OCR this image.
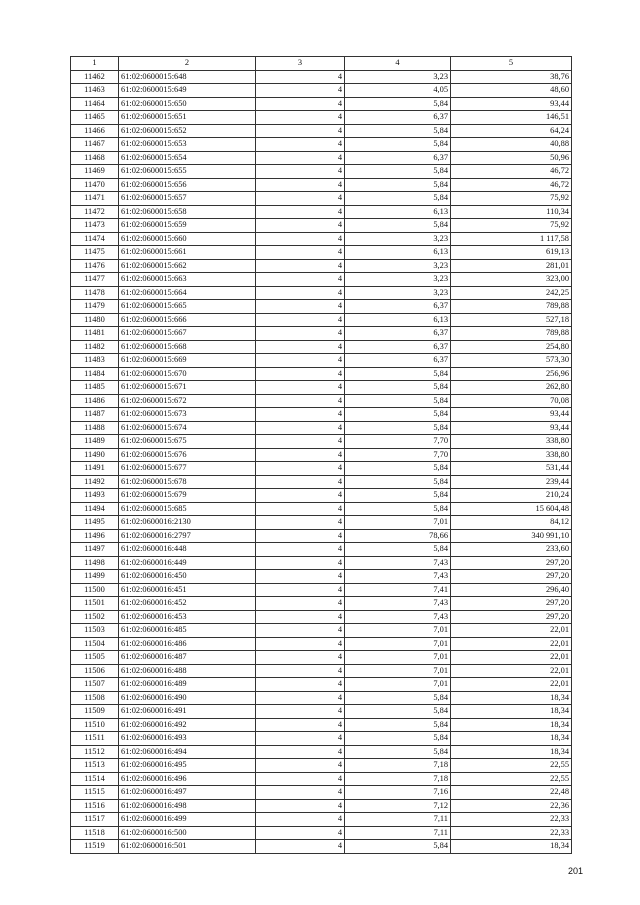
1	2	3	4	5
11462	61:02:0600015:648	4	3,23	38,76
11463	61:02:0600015:649	4	4,05	48,60
11464	61:02:0600015:650	4	5,84	93,44
11465	61:02:0600015:651	4	6,37	146,51
11466	61:02:0600015:652	4	5,84	64,24
11467	61:02:0600015:653	4	5,84	40,88
11468	61:02:0600015:654	4	6,37	50,96
11469	61:02:0600015:655	4	5,84	46,72
11470	61:02:0600015:656	4	5,84	46,72
11471	61:02:0600015:657	4	5,84	75,92
11472	61:02:0600015:658	4	6,13	110,34
11473	61:02:0600015:659	4	5,84	75,92
11474	61:02:0600015:660	4	3,23	1 117,58
11475	61:02:0600015:661	4	6,13	619,13
11476	61:02:0600015:662	4	3,23	281,01
11477	61:02:0600015:663	4	3,23	323,00
11478	61:02:0600015:664	4	3,23	242,25
11479	61:02:0600015:665	4	6,37	789,88
11480	61:02:0600015:666	4	6,13	527,18
11481	61:02:0600015:667	4	6,37	789,88
11482	61:02:0600015:668	4	6,37	254,80
11483	61:02:0600015:669	4	6,37	573,30
11484	61:02:0600015:670	4	5,84	256,96
11485	61:02:0600015:671	4	5,84	262,80
11486	61:02:0600015:672	4	5,84	70,08
11487	61:02:0600015:673	4	5,84	93,44
11488	61:02:0600015:674	4	5,84	93,44
11489	61:02:0600015:675	4	7,70	338,80
11490	61:02:0600015:676	4	7,70	338,80
11491	61:02:0600015:677	4	5,84	531,44
11492	61:02:0600015:678	4	5,84	239,44
11493	61:02:0600015:679	4	5,84	210,24
11494	61:02:0600015:685	4	5,84	15 604,48
11495	61:02:0600016:2130	4	7,01	84,12
11496	61:02:0600016:2797	4	78,66	340 991,10
11497	61:02:0600016:448	4	5,84	233,60
11498	61:02:0600016:449	4	7,43	297,20
11499	61:02:0600016:450	4	7,43	297,20
11500	61:02:0600016:451	4	7,41	296,40
11501	61:02:0600016:452	4	7,43	297,20
11502	61:02:0600016:453	4	7,43	297,20
11503	61:02:0600016:485	4	7,01	22,01
11504	61:02:0600016:486	4	7,01	22,01
11505	61:02:0600016:487	4	7,01	22,01
11506	61:02:0600016:488	4	7,01	22,01
11507	61:02:0600016:489	4	7,01	22,01
11508	61:02:0600016:490	4	5,84	18,34
11509	61:02:0600016:491	4	5,84	18,34
11510	61:02:0600016:492	4	5,84	18,34
11511	61:02:0600016:493	4	5,84	18,34
11512	61:02:0600016:494	4	5,84	18,34
11513	61:02:0600016:495	4	7,18	22,55
11514	61:02:0600016:496	4	7,18	22,55
11515	61:02:0600016:497	4	7,16	22,48
11516	61:02:0600016:498	4	7,12	22,36
11517	61:02:0600016:499	4	7,11	22,33
11518	61:02:0600016:500	4	7,11	22,33
11519	61:02:0600016:501	4	5,84	18,34
201
